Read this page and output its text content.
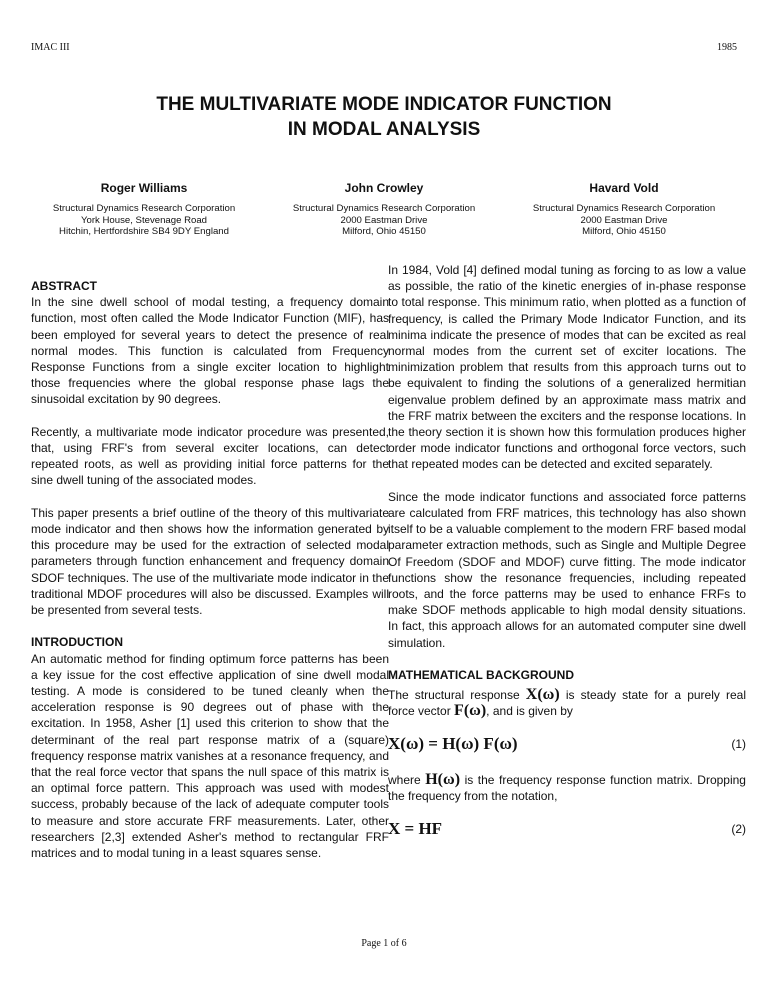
IMAC III	1985
THE MULTIVARIATE MODE INDICATOR FUNCTION
IN MODAL ANALYSIS
Roger Williams
Structural Dynamics Research Corporation
York House, Stevenage Road
Hitchin, Hertfordshire SB4 9DY England
John Crowley
Structural Dynamics Research Corporation
2000 Eastman Drive
Milford, Ohio 45150
Havard Vold
Structural Dynamics Research Corporation
2000 Eastman Drive
Milford, Ohio 45150
ABSTRACT

In the sine dwell school of modal testing, a frequency domain function, most often called the Mode Indicator Function (MIF), has been employed for several years to detect the presence of real normal modes. This function is calculated from Frequency Response Functions from a single exciter location to highlight those frequencies where the global response phase lags the sinusoidal excitation by 90 degrees.

Recently, a multivariate mode indicator procedure was presented, that, using FRF's from several exciter locations, can detect repeated roots, as well as providing initial force patterns for the sine dwell tuning of the associated modes.

This paper presents a brief outline of the theory of this multivariate mode indicator and then shows how the information generated by this procedure may be used for the extraction of selected modal parameters through function enhancement and frequency domain SDOF techniques. The use of the multivariate mode indicator in the traditional MDOF procedures will also be discussed. Examples will be presented from several tests.

INTRODUCTION

An automatic method for finding optimum force patterns has been a key issue for the cost effective application of sine dwell modal testing. A mode is considered to be tuned cleanly when the acceleration response is 90 degrees out of phase with the excitation. In 1958, Asher [1] used this criterion to show that the determinant of the real part response matrix of a (square) frequency response matrix vanishes at a resonance frequency, and that the real force vector that spans the null space of this matrix is an optimal force pattern. This approach was used with modest success, probably because of the lack of adequate computer tools to measure and store accurate FRF measurements. Later, other researchers [2,3] extended Asher's method to rectangular FRF matrices and to modal tuning in a least squares sense.

In 1984, Vold [4] defined modal tuning as forcing to as low a value as possible, the ratio of the kinetic energies of in-phase response to total response. This minimum ratio, when plotted as a function of frequency, is called the Primary Mode Indicator Function, and its minima indicate the presence of modes that can be excited as real normal modes from the current set of exciter locations. The minimization problem that results from this approach turns out to be equivalent to finding the solutions of a generalized hermitian eigenvalue problem defined by an approximate mass matrix and the FRF matrix between the exciters and the response locations. In the theory section it is shown how this formulation produces higher order mode indicator functions and orthogonal force vectors, such that repeated modes can be detected and excited separately.

Since the mode indicator functions and associated force patterns are calculated from FRF matrices, this technology has also shown itself to be a valuable complement to the modern FRF based modal parameter extraction methods, such as Single and Multiple Degree Of Freedom (SDOF and MDOF) curve fitting. The mode indicator functions show the resonance frequencies, including repeated roots, and the force patterns may be used to enhance FRFs to make SDOF methods applicable to high modal density situations. In fact, this approach allows for an automated computer sine dwell simulation.

MATHEMATICAL BACKGROUND

The structural response X(ω) is steady state for a purely real force vector F(ω), and is given by

X(ω) = H(ω) F(ω)	(1)

where H(ω) is the frequency response function matrix. Dropping the frequency from the notation,

X = HF	(2)
Page 1 of 6
